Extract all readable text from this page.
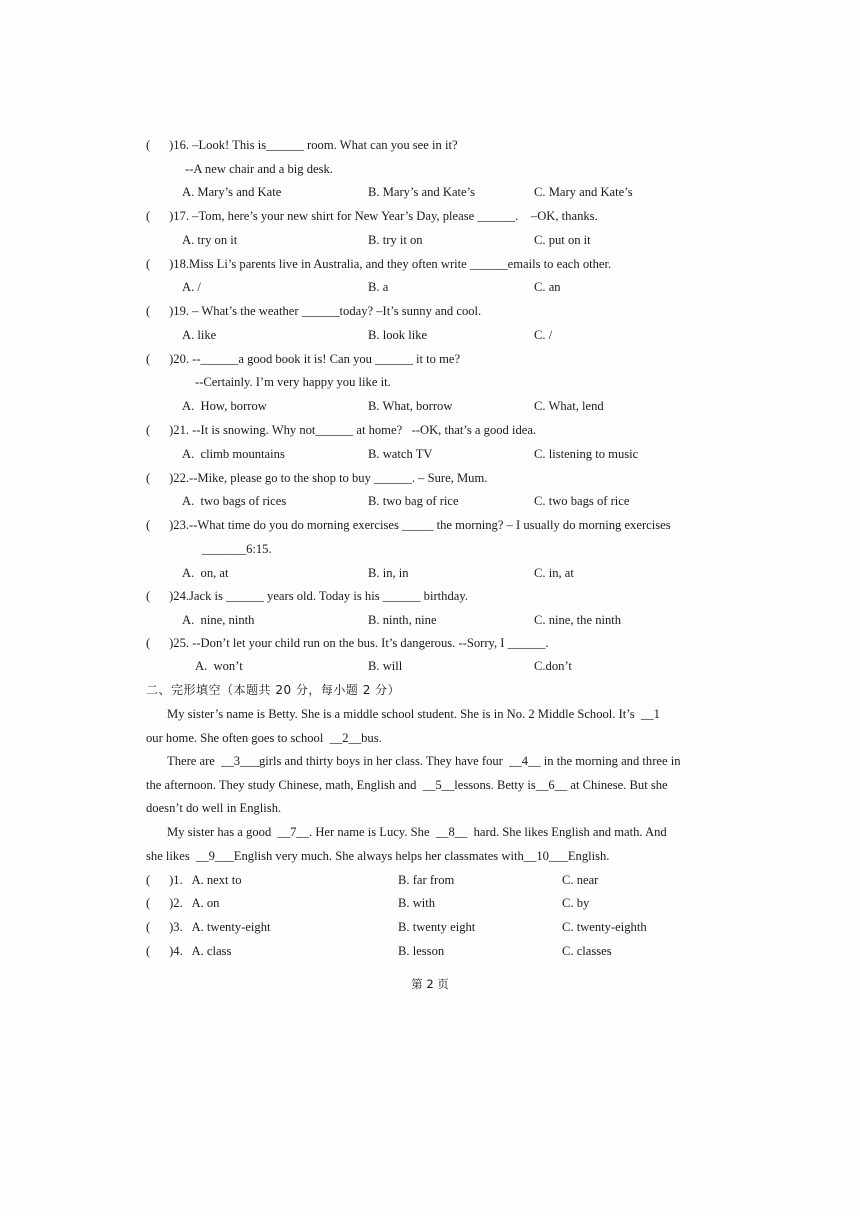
(      )16. –Look! This is______ room. What can you see in it?
--A new chair and a big desk.
A. Mary’s and Kate	B. Mary’s and Kate’s	C. Mary and Kate’s
(      )17. –Tom, here’s your new shirt for New Year’s Day, please ______.    –OK, thanks.
A. try on it	B. try it on	C. put on it
(      )18.Miss Li’s parents live in Australia, and they often write ______emails to each other.
A. /	B. a	C. an
(      )19. – What’s the weather ______today? –It’s sunny and cool.
A. like	B. look like	C. /
(      )20. --______a good book it is! Can you ______ it to me?
--Certainly. I’m very happy you like it.
A.  How, borrow	B. What, borrow	C. What, lend
(      )21. --It is snowing. Why not______ at home?   --OK, that’s a good idea.
A.  climb mountains	B. watch TV	C. listening to music
(      )22.--Mike, please go to the shop to buy ______. – Sure, Mum.
A.  two bags of rices	B. two bag of rice	C. two bags of rice
(      )23.--What time do you do morning exercises _____ the morning? – I usually do morning exercises
_______6:15.
A.  on, at	B. in, in	C. in, at
(      )24.Jack is ______ years old. Today is his ______ birthday.
A.  nine, ninth	B. ninth, nine	C. nine, the ninth
(      )25. --Don’t let your child run on the bus. It’s dangerous. --Sorry, I ______.
A.  won’t	B. will	C.don’t
二、完形填空（本题共 20 分，每小题 2 分）
My sister’s name is Betty. She is a middle school student. She is in No. 2 Middle School. It’s  __1
our home. She often goes to school  __2__bus.
There are  __3___girls and thirty boys in her class. They have four  __4__ in the morning and three in
the afternoon. They study Chinese, math, English and  __5__lessons. Betty is__6__ at Chinese. But she
doesn’t do well in English.
My sister has a good  __7__. Her name is Lucy. She  __8__  hard. She likes English and math. And
she likes  __9___English very much. She always helps her classmates with__10___English.
(      )1.   A. next to	B. far from	C. near
(      )2.   A. on	B. with	C. by
(      )3.   A. twenty-eight	B. twenty eight	C. twenty-eighth
(      )4.   A. class	B. lesson	C. classes
第 2 页
